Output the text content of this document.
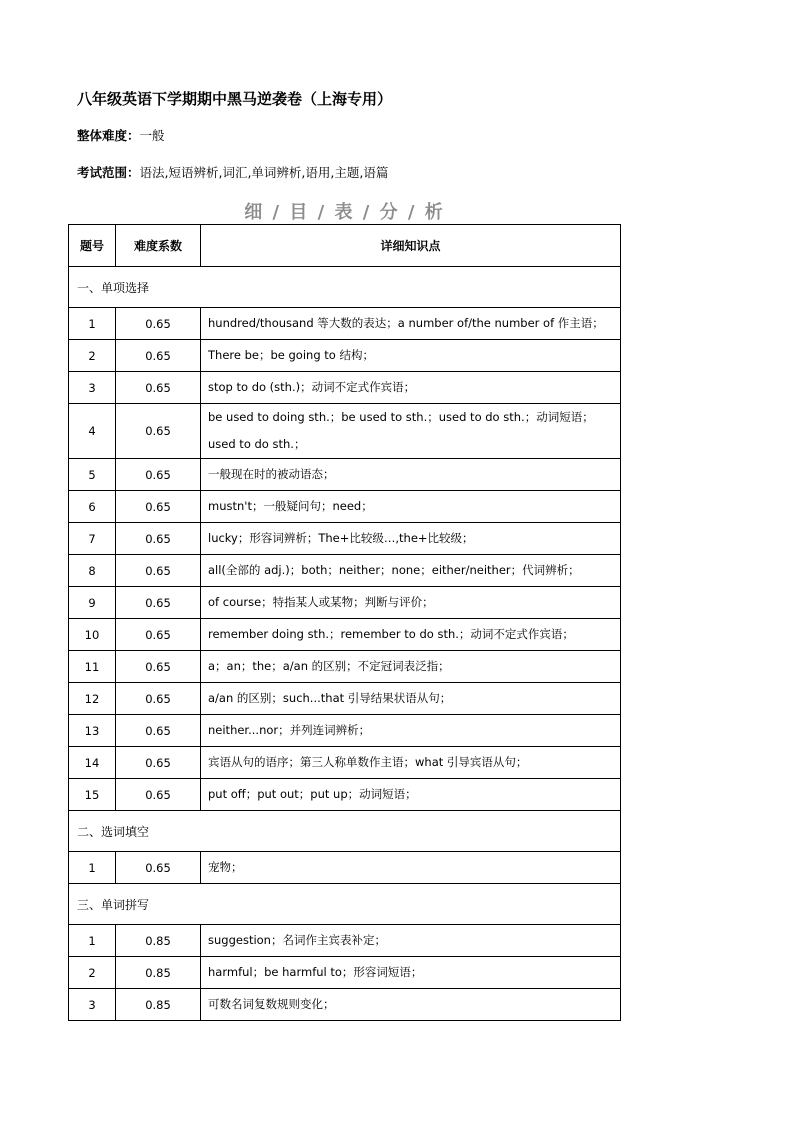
八年级英语下学期期中黑马逆袭卷（上海专用）
整体难度：一般
考试范围：语法,短语辨析,词汇,单词辨析,语用,主题,语篇
细 / 目 / 表 / 分 / 析
题号	难度系数	详细知识点
一、单项选择		
1	0.65	hundred/thousand 等大数的表达；a number of/the number of 作主语；
2	0.65	There be；be going to 结构；
3	0.65	stop to do (sth.)；动词不定式作宾语；
4	0.65	be used to doing sth.；be used to sth.；used to do sth.；动词短语；used to do sth.；
5	0.65	一般现在时的被动语态；
6	0.65	mustn't；一般疑问句；need；
7	0.65	lucky；形容词辨析；The+比较级…,the+比较级；
8	0.65	all(全部的 adj.)；both；neither；none；either/neither；代词辨析；
9	0.65	of course；特指某人或某物；判断与评价；
10	0.65	remember doing sth.；remember to do sth.；动词不定式作宾语；
11	0.65	a；an；the；a/an 的区别；不定冠词表泛指；
12	0.65	a/an 的区别；such...that 引导结果状语从句；
13	0.65	neither...nor；并列连词辨析；
14	0.65	宾语从句的语序；第三人称单数作主语；what 引导宾语从句；
15	0.65	put off；put out；put up；动词短语；
二、选词填空		
1	0.65	宠物；
三、单词拼写		
1	0.85	suggestion；名词作主宾表补定；
2	0.85	harmful；be harmful to；形容词短语；
3	0.85	可数名词复数规则变化；
